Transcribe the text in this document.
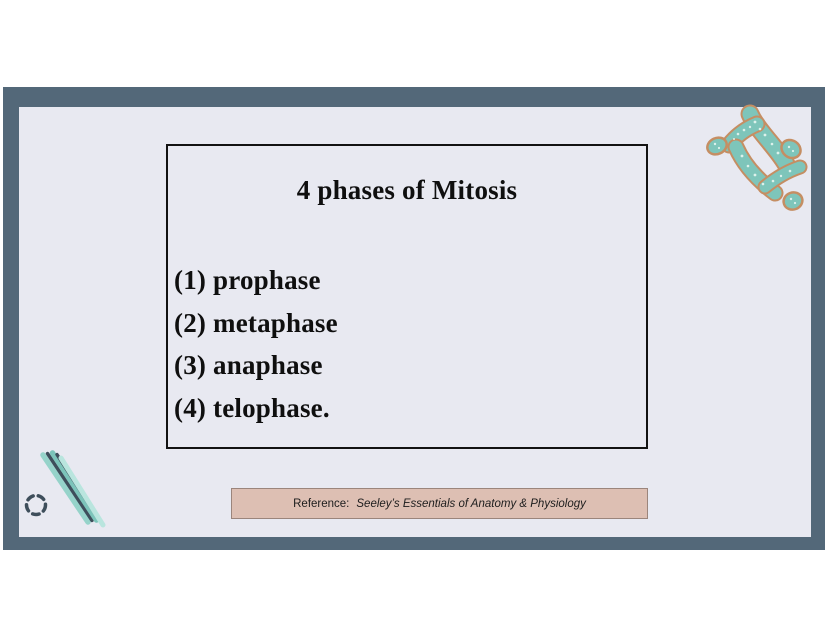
4 phases of Mitosis
(1) prophase
(2) metaphase
(3) anaphase
(4) telophase.
Reference: Seeley’s Essentials of Anatomy & Physiology
